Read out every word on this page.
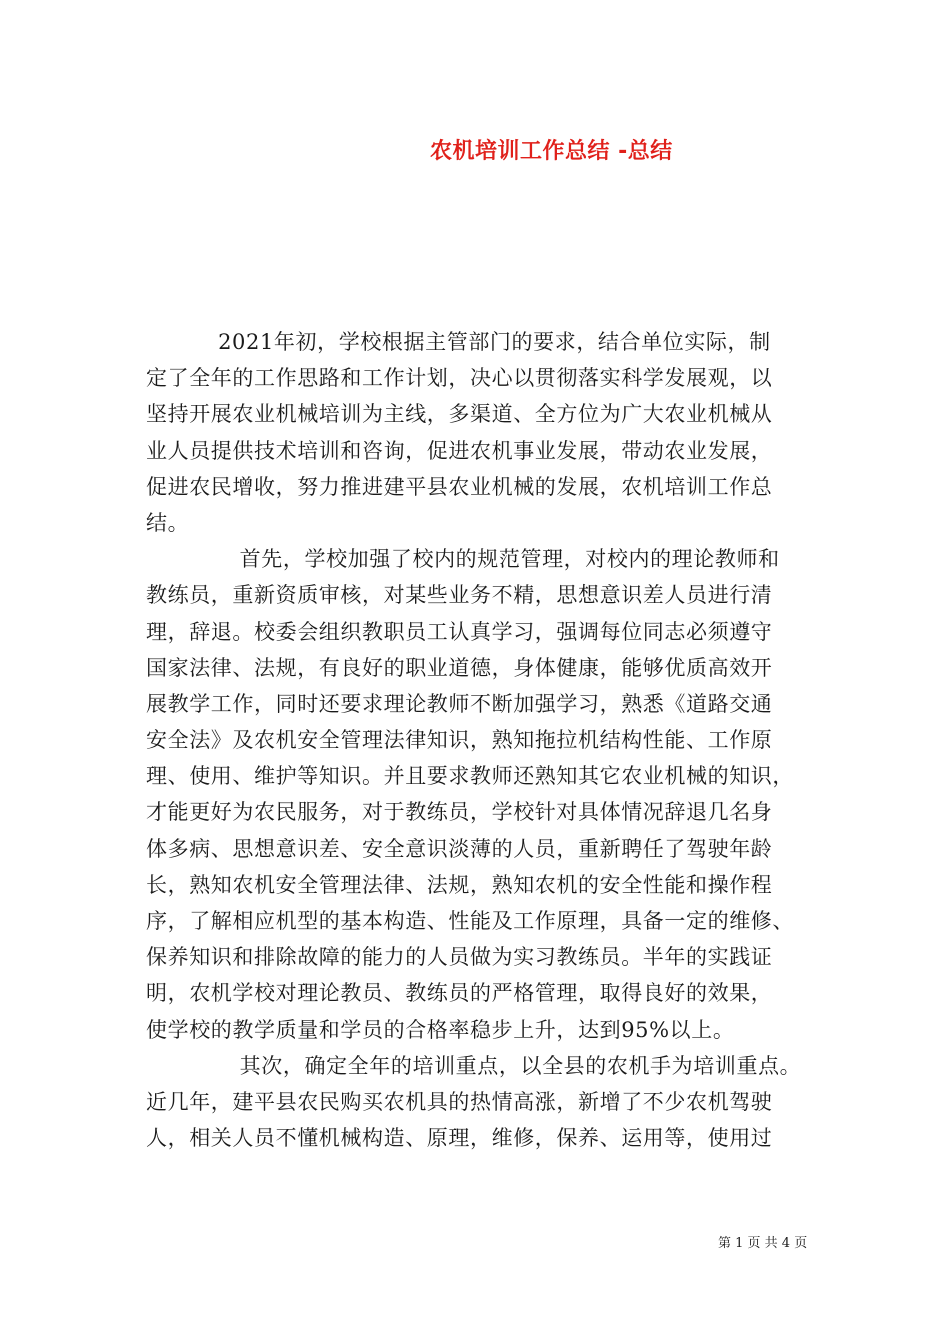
农机培训工作总结 -总结
　　　 2021年初，学校根据主管部门的要求，结合单位实际，制
定了全年的工作思路和工作计划，决心以贯彻落实科学发展观，以
坚持开展农业机械培训为主线，多渠道、全方位为广大农业机械从
业人员提供技术培训和咨询，促进农机事业发展，带动农业发展，
促进农民增收，努力推进建平县农业机械的发展，农机培训工作总
结。
　　　　 首先，学校加强了校内的规范管理，对校内的理论教师和
教练员，重新资质审核，对某些业务不精，思想意识差人员进行清
理，辞退。校委会组织教职员工认真学习，强调每位同志必须遵守
国家法律、法规，有良好的职业道德，身体健康，能够优质高效开
展教学工作，同时还要求理论教师不断加强学习，熟悉《道路交通
安全法》及农机安全管理法律知识，熟知拖拉机结构性能、工作原
理、使用、维护等知识。并且要求教师还熟知其它农业机械的知识，
才能更好为农民服务，对于教练员，学校针对具体情况辞退几名身
体多病、思想意识差、安全意识淡薄的人员，重新聘任了驾驶年龄
长，熟知农机安全管理法律、法规，熟知农机的安全性能和操作程
序，了解相应机型的基本构造、性能及工作原理，具备一定的维修、
保养知识和排除故障的能力的人员做为实习教练员。半年的实践证
明，农机学校对理论教员、教练员的严格管理，取得良好的效果，
使学校的教学质量和学员的合格率稳步上升，达到95%以上。
　　　　 其次，确定全年的培训重点，以全县的农机手为培训重点。
近几年，建平县农民购买农机具的热情高涨，新增了不少农机驾驶
人，相关人员不懂机械构造、原理，维修，保养、运用等，使用过
第 1 页 共 4 页
